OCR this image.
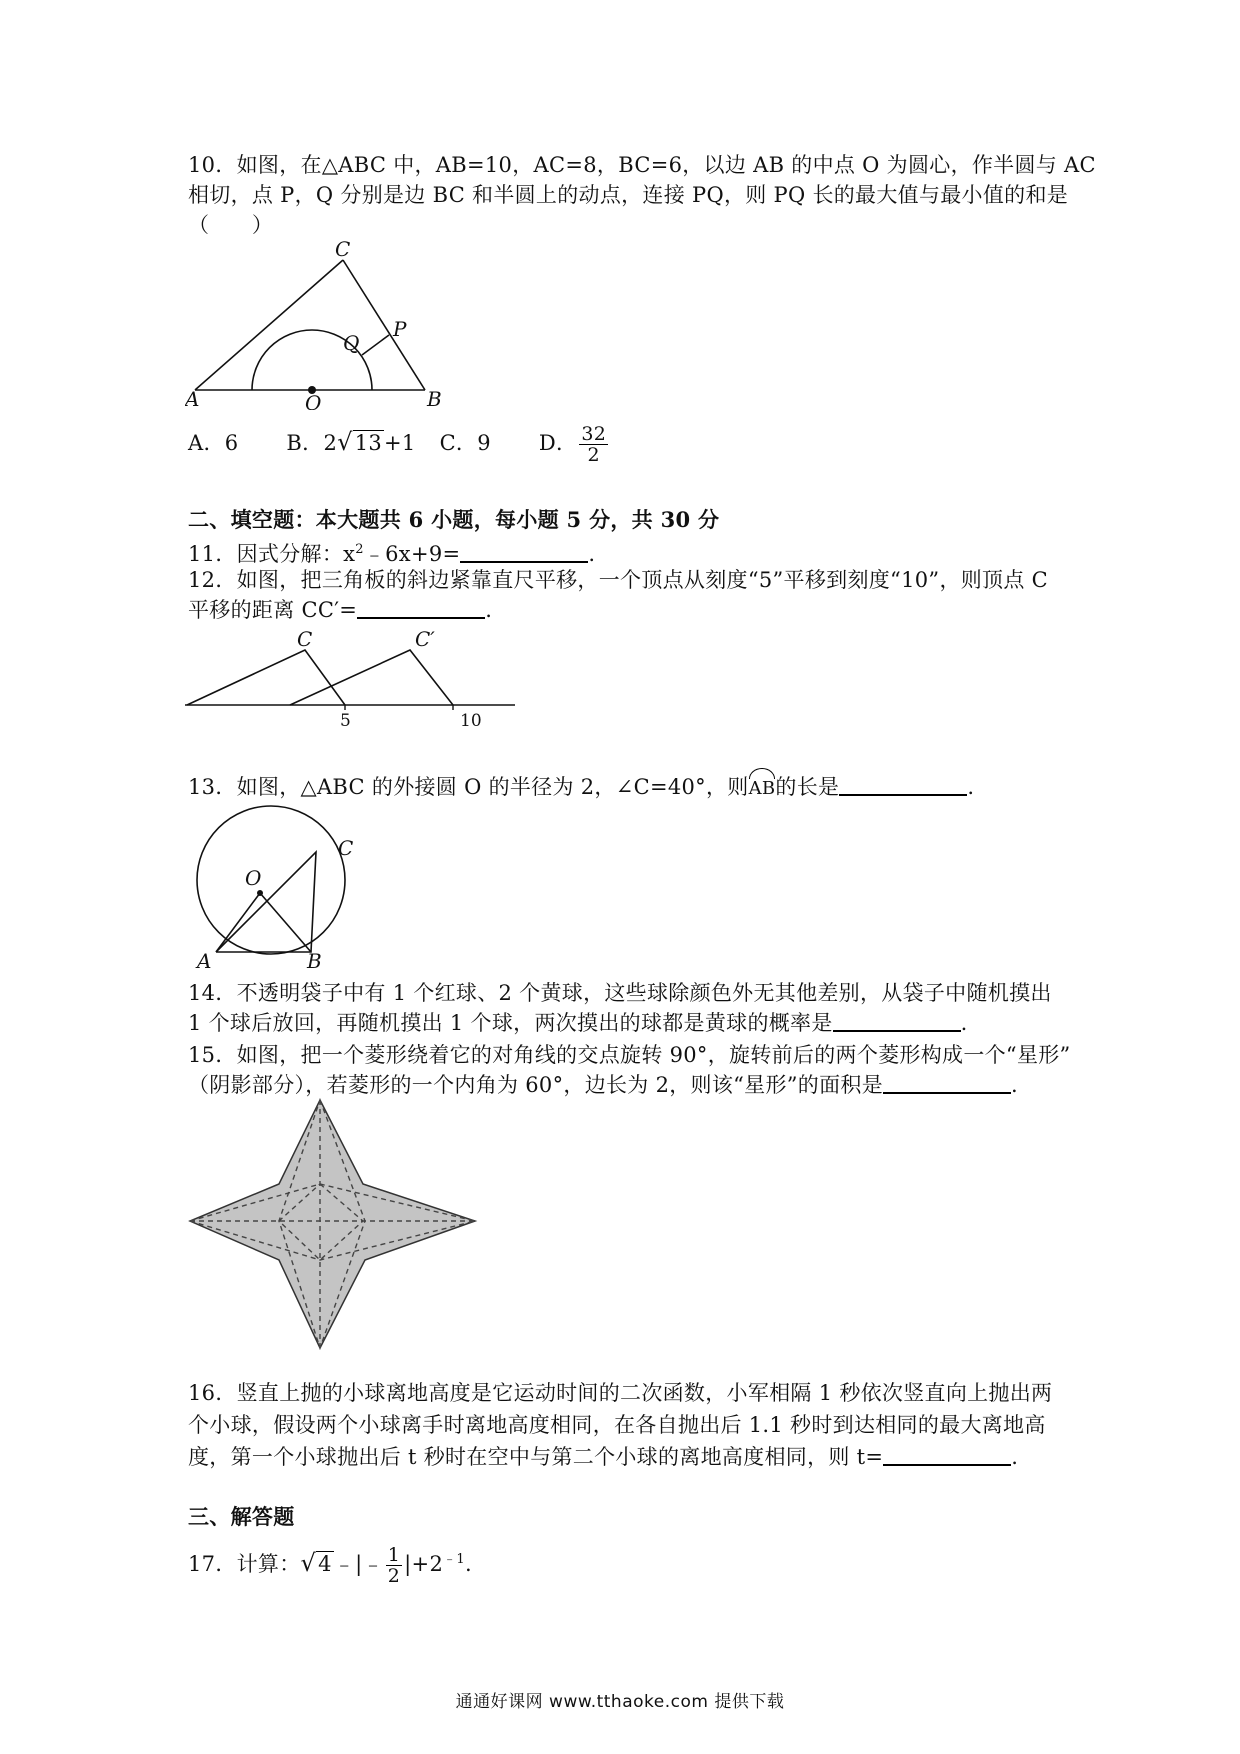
10．如图，在△ABC 中，AB=10，AC=8，BC=6，以边 AB 的中点 O 为圆心，作半圆与 AC
相切，点 P，Q 分别是边 BC 和半圆上的动点，连接 PQ，则 PQ 长的最大值与最小值的和是
（　　）
C
P
Q
A	O	B
A．6 B．2√13+1 C．9 D． $\frac{32}{2}$
二、填空题：本大题共 6 小题，每小题 5 分，共 30 分
11．因式分解：$x^2﹣6x+9=$	.
12．如图，把三角板的斜边紧靠直尺平移，一个顶点从刻度“5”平移到刻度“10”，则顶点 C
平移的距离 CC′=	.
C	C′
5	10
13．如图，△ABC 的外接圆 O 的半径为 2，∠C=40°，则AB的长是	.
O
C
A	B
14．不透明袋子中有 1 个红球、2 个黄球，这些球除颜色外无其他差别，从袋子中随机摸出
1 个球后放回，再随机摸出 1 个球，两次摸出的球都是黄球的概率是	.
15．如图，把一个菱形绕着它的对角线的交点旋转 90°，旋转前后的两个菱形构成一个“星形”
（阴影部分），若菱形的一个内角为 60°，边长为 2，则该“星形”的面积是	.
16．竖直上抛的小球离地高度是它运动时间的二次函数，小军相隔 1 秒依次竖直向上抛出两
个小球，假设两个小球离手时离地高度相同，在各自抛出后 1.1 秒时到达相同的最大离地高
度，第一个小球抛出后 t 秒时在空中与第二个小球的离地高度相同，则 t=	.
三、解答题
17．计算：√4﹣|﹣ $\frac{1}{2} |+2^{﹣1}$.
通通好课网 www.tthaoke.com 提供下载
